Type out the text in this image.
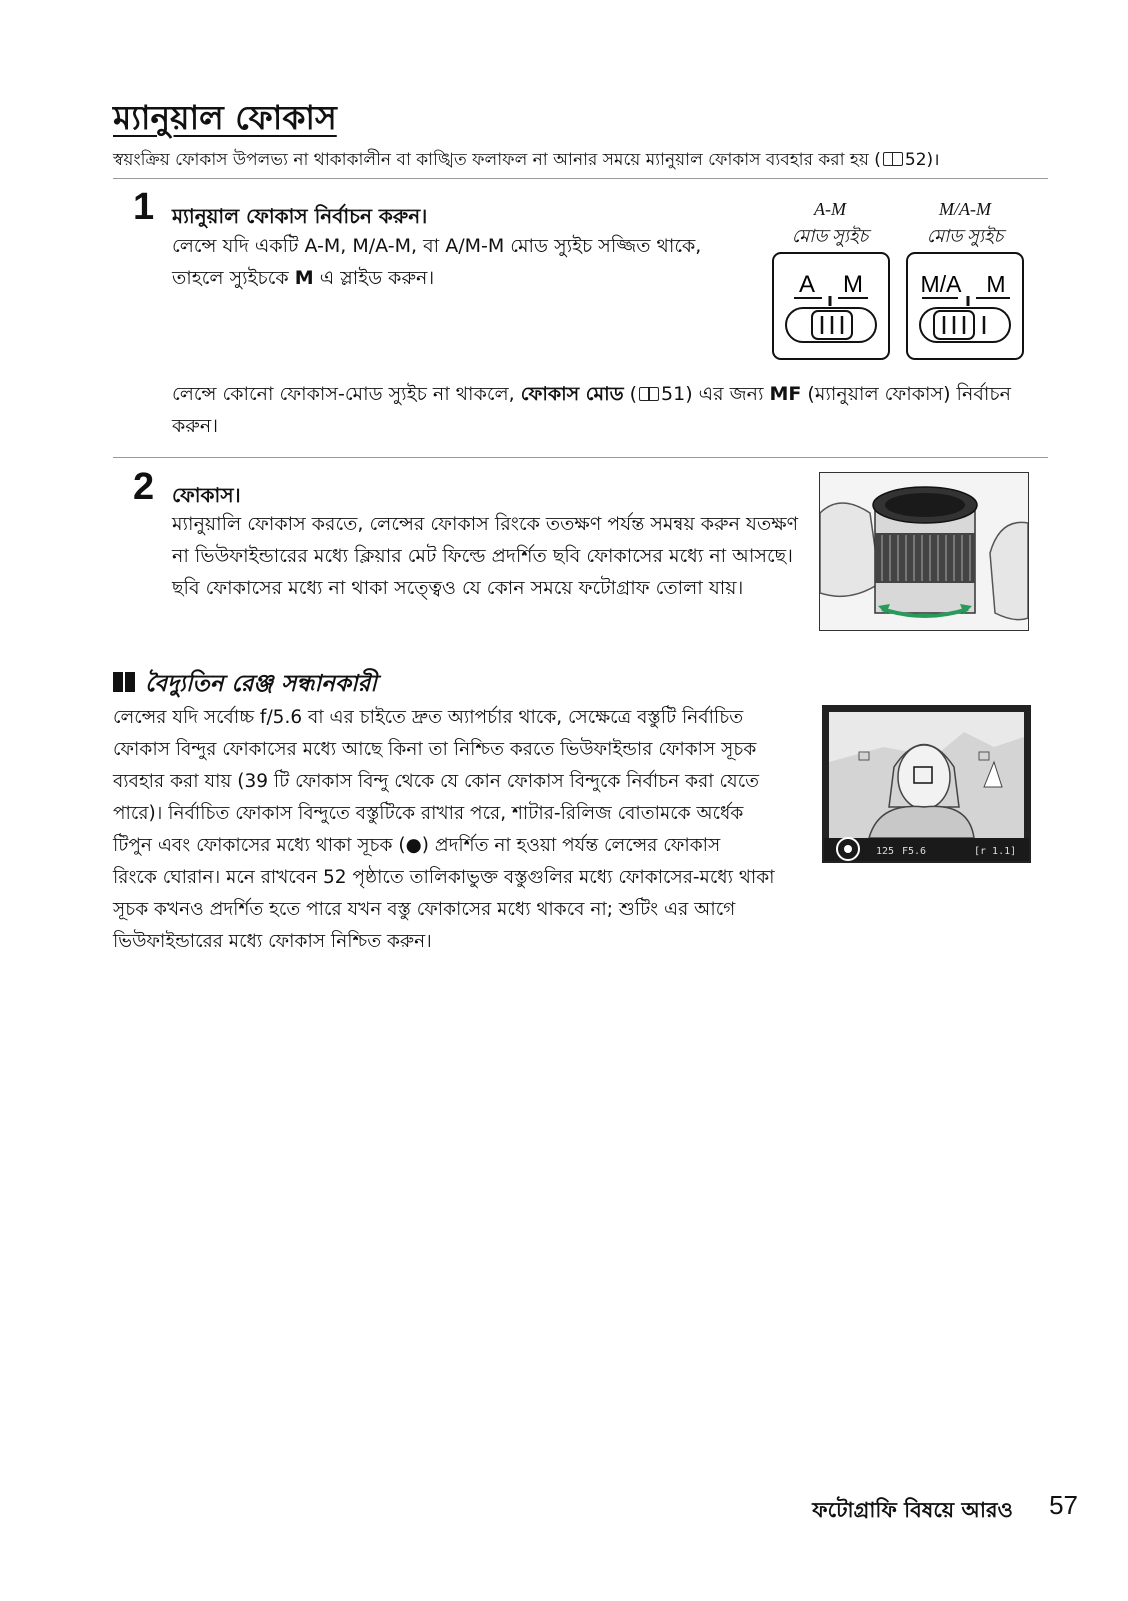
ম্যানুয়াল ফোকাস
স্বয়ংক্রিয় ফোকাস উপলভ্য না থাকাকালীন বা কাঙ্খিত ফলাফল না আনার সময়ে ম্যানুয়াল ফোকাস ব্যবহার করা হয় ( 52)।
1 ম্যানুয়াল ফোকাস নির্বাচন করুন।
লেন্সে যদি একটি A-M, M/A-M, বা A/M-M মোড স্যুইচ সজ্জিত থাকে,
তাহলে স্যুইচকে M এ স্লাইড করুন।
A-M
মোড স্যুইচ
A M
M/A-M
মোড স্যুইচ
M/A M
লেন্সে কোনো ফোকাস-মোড স্যুইচ না থাকলে, ফোকাস মোড ( 51) এর জন্য MF (ম্যানুয়াল ফোকাস) নির্বাচন
করুন।
2 ফোকাস।
ম্যানুয়ালি ফোকাস করতে, লেন্সের ফোকাস রিংকে ততক্ষণ পর্যন্ত সমন্বয় করুন যতক্ষণ
না ভিউফাইন্ডারের মধ্যে ক্লিয়ার মেট ফিল্ডে প্রদর্শিত ছবি ফোকাসের মধ্যে না আসছে।
ছবি ফোকাসের মধ্যে না থাকা সত্ত্বেও যে কোন সময়ে ফটোগ্রাফ তোলা যায়।
বৈদ্যুতিন রেঞ্জ সন্ধানকারী
লেন্সের যদি সর্বোচ্চ f/5.6 বা এর চাইতে দ্রুত অ্যাপর্চার থাকে, সেক্ষেত্রে বস্তুটি নির্বাচিত
ফোকাস বিন্দুর ফোকাসের মধ্যে আছে কিনা তা নিশ্চিত করতে ভিউফাইন্ডার ফোকাস সূচক
ব্যবহার করা যায় (39 টি ফোকাস বিন্দু থেকে যে কোন ফোকাস বিন্দুকে নির্বাচন করা যেতে
পারে)। নির্বাচিত ফোকাস বিন্দুতে বস্তুটিকে রাখার পরে, শাটার-রিলিজ বোতামকে অর্ধেক
টিপুন এবং ফোকাসের মধ্যে থাকা সূচক (●) প্রদর্শিত না হওয়া পর্যন্ত লেন্সের ফোকাস
রিংকে ঘোরান। মনে রাখবেন 52 পৃষ্ঠাতে তালিকাভুক্ত বস্তুগুলির মধ্যে ফোকাসের-মধ্যে থাকা
সূচক কখনও প্রদর্শিত হতে পারে যখন বস্তু ফোকাসের মধ্যে থাকবে না; শুটিং এর আগে
ভিউফাইন্ডারের মধ্যে ফোকাস নিশ্চিত করুন।
125 F5.6	[r 1.1]
ফটোগ্রাফি বিষয়ে আরও 57
